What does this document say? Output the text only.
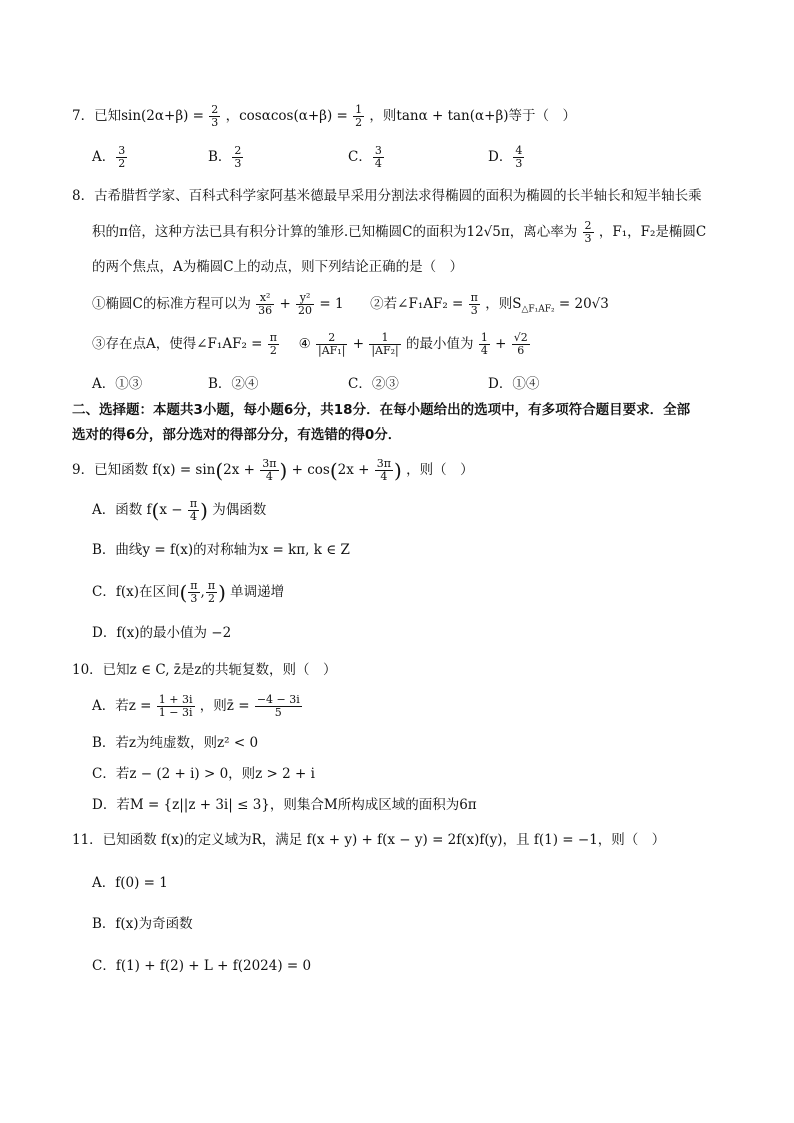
7．已知$\sin(2\alpha+\beta) = \frac{2}{3}$ ，$\cos\alpha\cos(\alpha+\beta) = \frac{1}{2}$ ，则tanα + tan(α+β)等于（　）
A． $\frac{3}{2}$	B． $\frac{2}{3}$	C． $\frac{3}{4}$	D． $\frac{4}{3}$
8．古希腊哲学家、百科式科学家阿基米德最早采用分割法求得椭圆的面积为椭圆的长半轴长和短半轴长乘
积的π倍，这种方法已具有积分计算的雏形.已知椭圆C的面积为12√5π，离心率为 $\frac{2}{3}$ ，F₁，F₂是椭圆C
的两个焦点，A为椭圆C上的动点，则下列结论正确的是（　）
①椭圆C的标准方程可以为 $\frac{\text{x²}}{36} + \frac{\text{y²}}{20} = 1$ ②若∠F₁AF₂ = $\frac{\pi}{3}$ ，则$S_{\triangle F_1AF_2} = 20√3$
③存在点A，使得∠F₁AF₂ = $\frac{\pi}{2}$ ④ $\frac{2}{\text{|AF₁|}} + \frac{1}{\text{|AF₂|}}$ 的最小值为 $\frac{1}{4} + \frac{√2}{6}$
A．①③	B．②④	C．②③	D．①④
二、选择题：本题共3小题，每小题6分，共18分．在每小题给出的选项中，有多项符合题目要求．全部
选对的得6分，部分选对的得部分分，有选错的得0分．
9．已知函数 $f(x) = \sin(2x + \frac{3\pi}{4}$ ) + $\cos(2x + \frac{3\pi}{4}$ ) ，则（　）
A．函数 $f(x - \frac{\pi}{4}$ ) 为偶函数
B．曲线y = f(x)的对称轴为x = kπ, k ∈ Z
C．f(x)在区间( $\frac{\pi}{3}$ , $\frac{\pi}{2}$ ) 单调递增
D．f(x)的最小值为 −2
10．已知z ∈ C, z̄是z的共轭复数，则（　）
A．若$z = \frac{1 + 3i}{1 - 3i}$ ，则z̄ = $\frac{-4 - 3i}{5}$
B．若z为纯虚数，则z² < 0
C．若z − (2 + i) > 0，则z > 2 + i
D．若M = {z||z + 3i| ≤ 3}，则集合M所构成区域的面积为6π
11．已知函数 f(x)的定义域为R，满足 f(x + y) + f(x − y) = 2f(x)f(y)，且 f(1) = −1，则（　）
A．f(0) = 1
B．f(x)为奇函数
C．f(1) + f(2) + L + f(2024) = 0
